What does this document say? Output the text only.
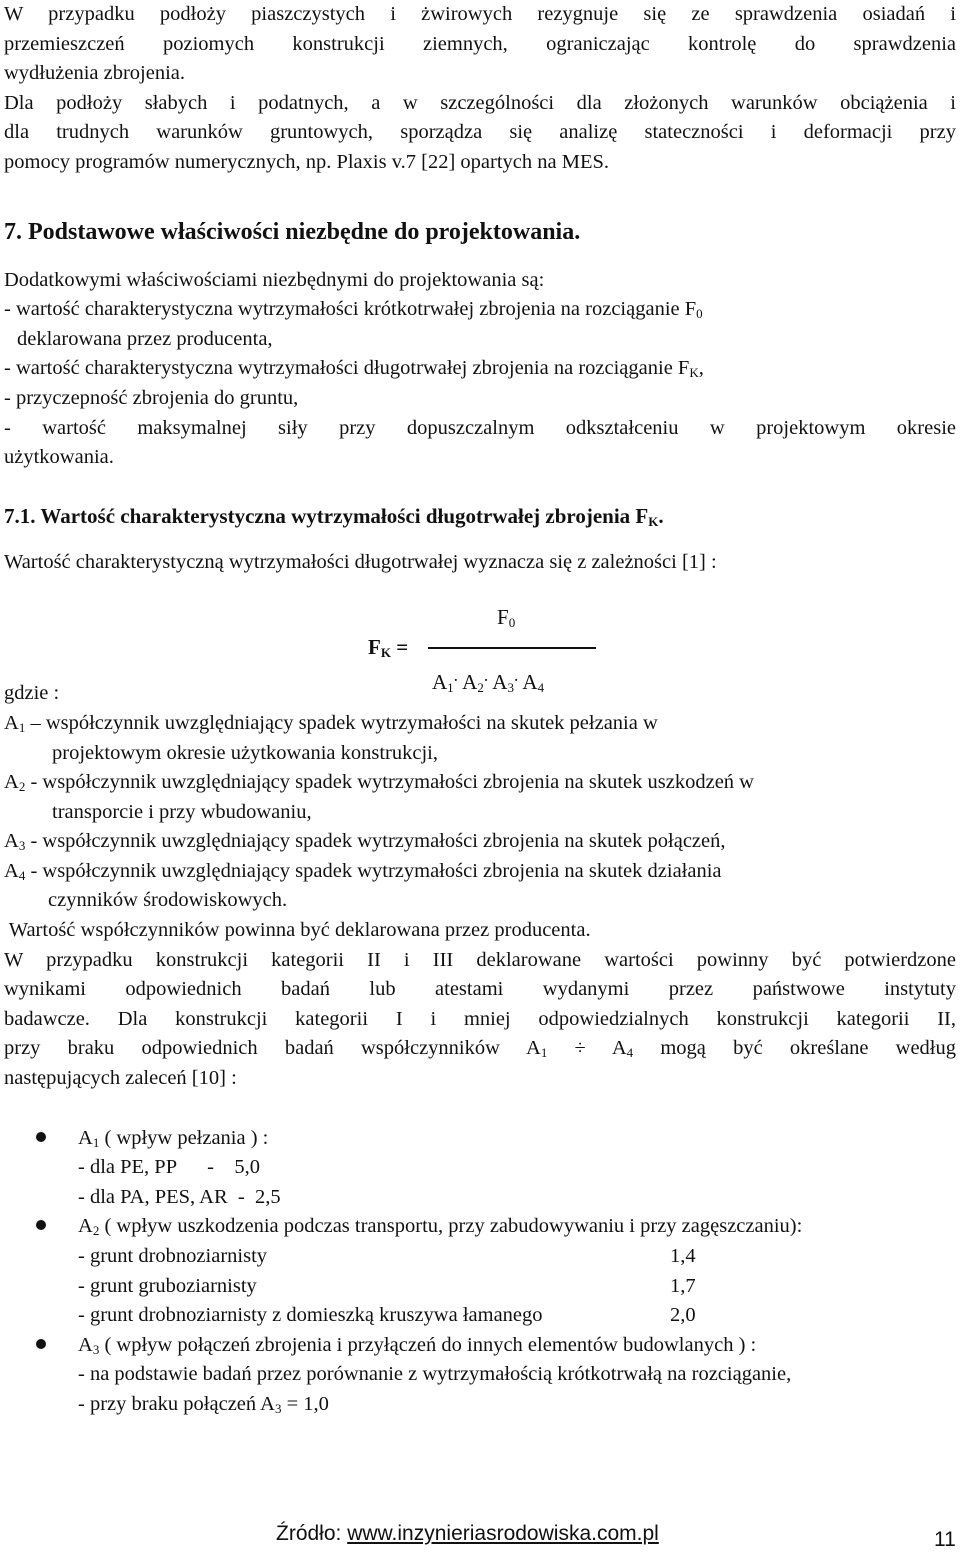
W przypadku podłoży piaszczystych i żwirowych rezygnuje się ze sprawdzenia osiadań i

przemieszczeń poziomych konstrukcji ziemnych, ograniczając kontrolę do sprawdzenia

wydłużenia zbrojenia.

Dla podłoży słabych i podatnych, a w szczególności dla złożonych warunków obciążenia i

dla trudnych warunków gruntowych, sporządza się analizę stateczności i deformacji przy

pomocy programów numerycznych, np. Plaxis v.7 [22] opartych na MES.

7. Podstawowe właściwości niezbędne do projektowania.

Dodatkowymi właściwościami niezbędnymi do projektowania są:

- wartość charakterystyczna wytrzymałości krótkotrwałej zbrojenia na rozciąganie $F_0$

deklarowana przez producenta,

- wartość charakterystyczna wytrzymałości długotrwałej zbrojenia na rozciąganie $F_K$,

- przyczepność zbrojenia do gruntu,

- wartość maksymalnej siły przy dopuszczalnym odkształceniu w projektowym okresie

użytkowania.

7.1. Wartość charakterystyczna wytrzymałości długotrwałej zbrojenia $F_K$.

Wartość charakterystyczną wytrzymałości długotrwałej wyznacza się z zależności [1] :

$F_0$
$F_K$ =
$A_1^.$ $A_2^.$ $A_3^.$ $A_4$

gdzie :

$A_1$ – współczynnik uwzględniający spadek wytrzymałości na skutek pełzania w

projektowym okresie użytkowania konstrukcji,

$A_2$ - współczynnik uwzględniający spadek wytrzymałości zbrojenia na skutek uszkodzeń w

transporcie i przy wbudowaniu,

$A_3$ - współczynnik uwzględniający spadek wytrzymałości zbrojenia na skutek połączeń,

$A_4$ - współczynnik uwzględniający spadek wytrzymałości zbrojenia na skutek działania

czynników środowiskowych.

Wartość współczynników powinna być deklarowana przez producenta.

W przypadku konstrukcji kategorii II i III deklarowane wartości powinny być potwierdzone

wynikami odpowiednich badań lub atestami wydanymi przez państwowe instytuty

badawcze. Dla konstrukcji kategorii I i mniej odpowiedzialnych konstrukcji kategorii II,

przy braku odpowiednich badań współczynników $A_1 \div A_4$ mogą być określane według

następujących zaleceń [10] :

$A_1$ ( wpływ pełzania ) :

- dla PE, PP      -    5,0

- dla PA, PES, AR  -  2,5

$A_2$ ( wpływ uszkodzenia podczas transportu, przy zabudowywaniu i przy zagęszczaniu):

- grunt drobnoziarnisty	1,4
- grunt gruboziarnisty	1,7
- grunt drobnoziarnisty z domieszką kruszywa łamanego	2,0

$A_3$ ( wpływ połączeń zbrojenia i przyłączeń do innych elementów budowlanych ) :

- na podstawie badań przez porównanie z wytrzymałością krótkotrwałą na rozciąganie,

- przy braku połączeń $A_3 = 1,0$

Źródło: www.inzynieriasrodowiska.com.pl	11
